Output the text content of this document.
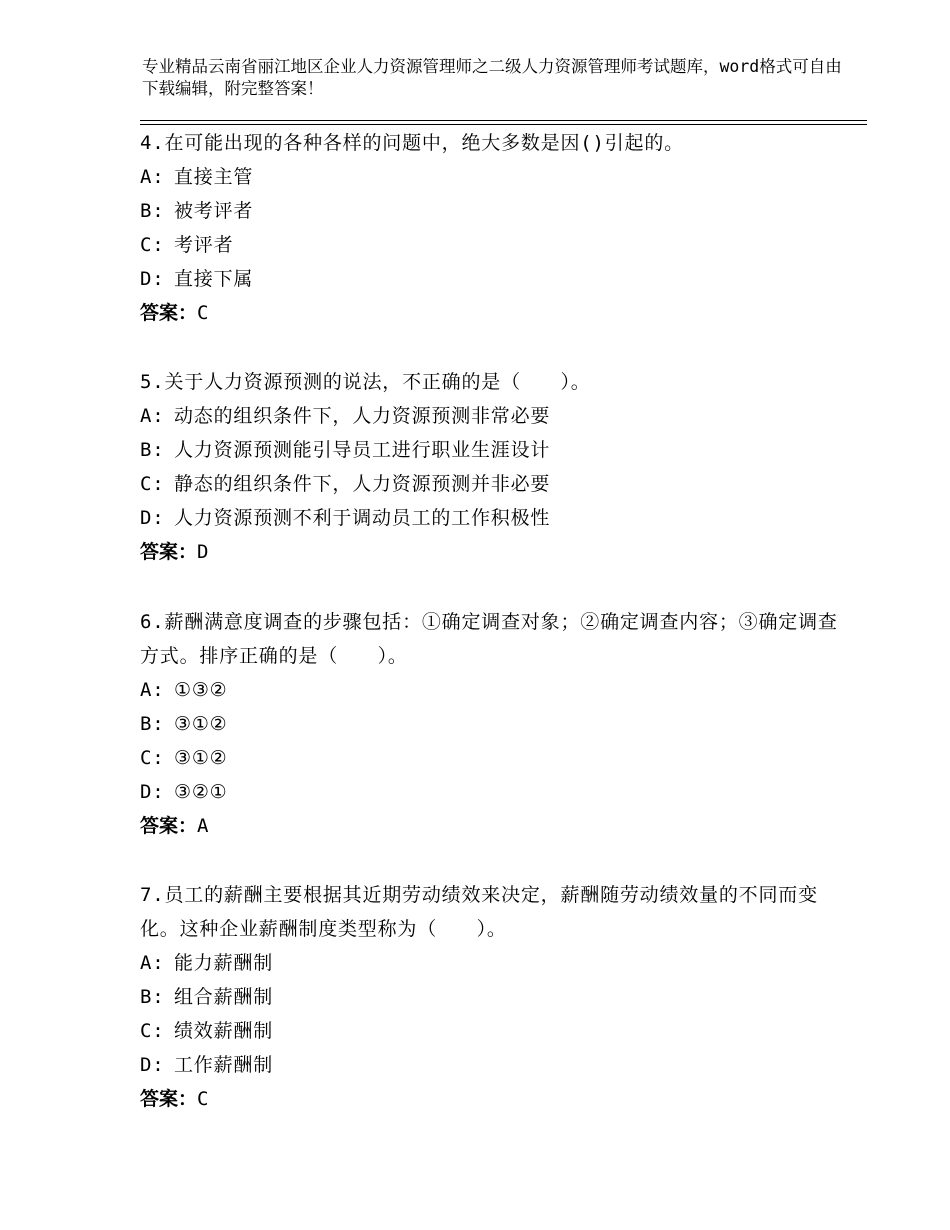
专业精品云南省丽江地区企业人力资源管理师之二级人力资源管理师考试题库，word格式可自由下载编辑，附完整答案！
4.在可能出现的各种各样的问题中，绝大多数是因()引起的。
A: 直接主管
B: 被考评者
C: 考评者
D: 直接下属
答案：C
5.关于人力资源预测的说法，不正确的是（　　）。
A: 动态的组织条件下，人力资源预测非常必要
B: 人力资源预测能引导员工进行职业生涯设计
C: 静态的组织条件下，人力资源预测并非必要
D: 人力资源预测不利于调动员工的工作积极性
答案：D
6.薪酬满意度调查的步骤包括：①确定调查对象；②确定调查内容；③确定调查方式。排序正确的是（　　）。
A: ①③②
B: ③①②
C: ③①②
D: ③②①
答案：A
7.员工的薪酬主要根据其近期劳动绩效来决定，薪酬随劳动绩效量的不同而变化。这种企业薪酬制度类型称为（　　）。
A: 能力薪酬制
B: 组合薪酬制
C: 绩效薪酬制
D: 工作薪酬制
答案：C
